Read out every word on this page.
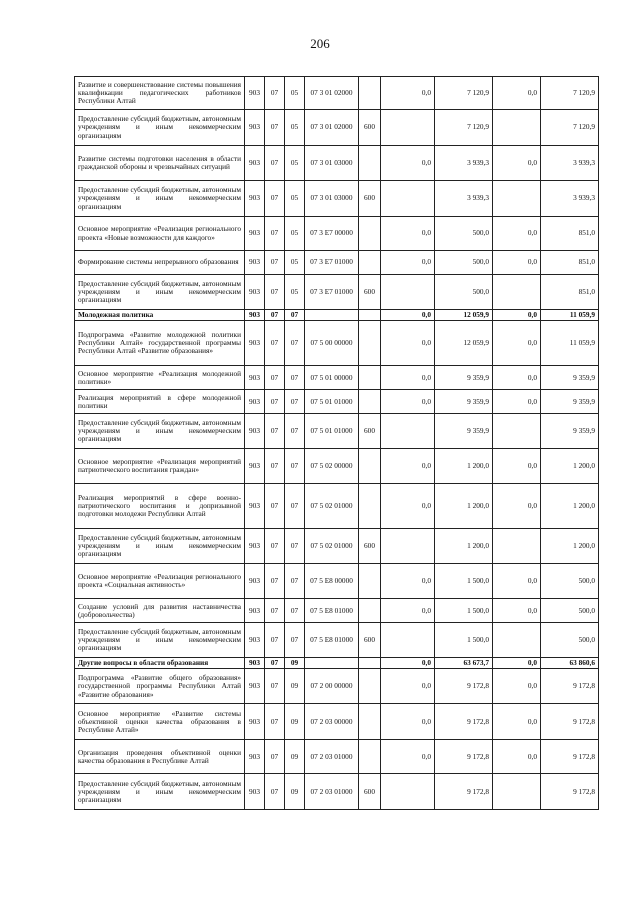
206
Развитие и совершенствование системы повышения квалификации педагогических работников Республики Алтай	903	07	05	07 3 01 02000		0,0	7 120,9	0,0	7 120,9
Предоставление субсидий бюджетным, автономным учреждениям и иным некоммерческим организациям	903	07	05	07 3 01 02000	600		7 120,9		7 120,9
Развитие системы подготовки населения в области гражданской обороны и чрезвычайных ситуаций	903	07	05	07 3 01 03000		0,0	3 939,3	0,0	3 939,3
Предоставление субсидий бюджетным, автономным учреждениям и иным некоммерческим организациям	903	07	05	07 3 01 03000	600		3 939,3		3 939,3
Основное мероприятие «Реализация регионального проекта «Новые возможности для каждого»	903	07	05	07 3 E7 00000		0,0	500,0	0,0	851,0
Формирование системы непрерывного образования	903	07	05	07 3 E7 01000		0,0	500,0	0,0	851,0
Предоставление субсидий бюджетным, автономным учреждениям и иным некоммерческим организациям	903	07	05	07 3 E7 01000	600		500,0		851,0
Молодежная политика	903	07	07			0,0	12 059,9	0,0	11 059,9
Подпрограмма «Развитие молодежной политики Республики Алтай» государственной программы Республики Алтай «Развитие образования»	903	07	07	07 5 00 00000		0,0	12 059,9	0,0	11 059,9
Основное мероприятие «Реализация молодежной политики»	903	07	07	07 5 01 00000		0,0	9 359,9	0,0	9 359,9
Реализация мероприятий в сфере молодежной политики	903	07	07	07 5 01 01000		0,0	9 359,9	0,0	9 359,9
Предоставление субсидий бюджетным, автономным учреждениям и иным некоммерческим организациям	903	07	07	07 5 01 01000	600		9 359,9		9 359,9
Основное мероприятие «Реализация мероприятий патриотического воспитания граждан»	903	07	07	07 5 02 00000		0,0	1 200,0	0,0	1 200,0
Реализация мероприятий в сфере военно-патриотического воспитания и допризывной подготовки молодежи Республики Алтай	903	07	07	07 5 02 01000		0,0	1 200,0	0,0	1 200,0
Предоставление субсидий бюджетным, автономным учреждениям и иным некоммерческим организациям	903	07	07	07 5 02 01000	600		1 200,0		1 200,0
Основное мероприятие «Реализация регионального проекта «Социальная активность»	903	07	07	07 5 E8 00000		0,0	1 500,0	0,0	500,0
Создание условий для развития наставничества (добровольчества)	903	07	07	07 5 E8 01000		0,0	1 500,0	0,0	500,0
Предоставление субсидий бюджетным, автономным учреждениям и иным некоммерческим организациям	903	07	07	07 5 E8 01000	600		1 500,0		500,0
Другие вопросы в области образования	903	07	09			0,0	63 673,7	0,0	63 860,6
Подпрограмма «Развитие общего образования» государственной программы Республики Алтай «Развитие образования»	903	07	09	07 2 00 00000		0,0	9 172,8	0,0	9 172,8
Основное мероприятие «Развитие системы объективной оценки качества образования в Республике Алтай»	903	07	09	07 2 03 00000		0,0	9 172,8	0,0	9 172,8
Организация проведения объективной оценки качества образования в Республике Алтай	903	07	09	07 2 03 01000		0,0	9 172,8	0,0	9 172,8
Предоставление субсидий бюджетным, автономным учреждениям и иным некоммерческим организациям	903	07	09	07 2 03 01000	600		9 172,8		9 172,8
